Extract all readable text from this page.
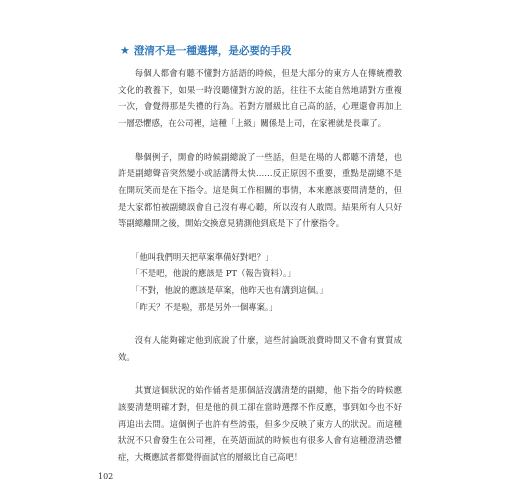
★ 澄清不是一種選擇，是必要的手段

每個人都會有聽不懂對方話語的時候，但是大部分的東方人在傳統禮教文化的教養下，如果一時沒聽懂對方說的話，往往不太能自然地請對方重複一次，會覺得那是失禮的行為。若對方層級比自己高的話，心理還會再加上一層恐懼感，在公司裡，這種「上級」關係是上司，在家裡就是長輩了。

舉個例子，開會的時候副總說了一些話，但是在場的人都聽不清楚，也許是副總聲音突然變小或話講得太快……反正原因不重要，重點是副總不是在開玩笑而是在下指令。這是與工作相關的事情，本來應該要問清楚的，但是大家都怕被副總誤會自己沒有專心聽，所以沒有人敢問。結果所有人只好等副總離開之後，開始交換意見猜測他到底是下了什麼指令。

「他叫我們明天把草案準備好對吧？」
「不是吧，他說的應該是 PT（報告資料）。」
「不對，他說的應該是草案，他昨天也有講到這個。」
「昨天？不是啦，那是另外一個專案。」

沒有人能夠確定他到底說了什麼，這些討論既浪費時間又不會有實質成效。

其實這個狀況的始作俑者是那個話沒講清楚的副總，他下指令的時候應該要清楚明確才對，但是他的員工卻在當時選擇不作反應，事到如今也不好再追出去問。這個例子也許有些誇張，但多少反映了東方人的狀況。而這種狀況不只會發生在公司裡，在英語面試的時候也有很多人會有這種澄清恐懼症，大概應試者都覺得面試官的層級比自己高吧！

102
